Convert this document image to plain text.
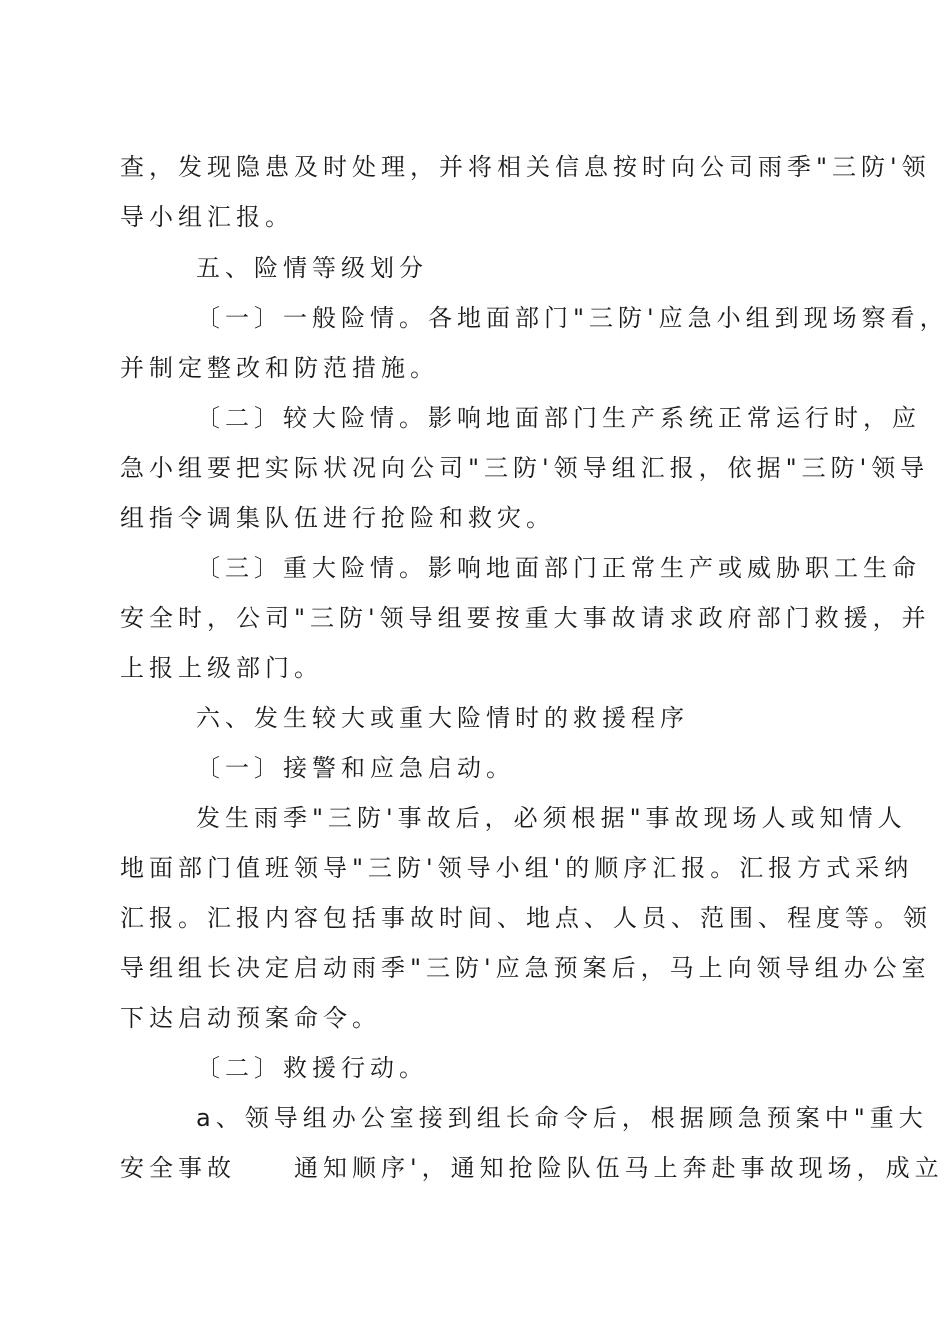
查，发现隐患及时处理，并将相关信息按时向公司雨季"三防'领
导小组汇报。
五、险情等级划分
〔一〕一般险情。各地面部门"三防'应急小组到现场察看，
并制定整改和防范措施。
〔二〕较大险情。影响地面部门生产系统正常运行时，应
急小组要把实际状况向公司"三防'领导组汇报，依据"三防'领导
组指令调集队伍进行抢险和救灾。
〔三〕重大险情。影响地面部门正常生产或威胁职工生命
安全时，公司"三防'领导组要按重大事故请求政府部门救援，并
上报上级部门。
六、发生较大或重大险情时的救援程序
〔一〕接警和应急启动。
发生雨季"三防'事故后，必须根据"事故现场人或知情人
地面部门值班领导"三防'领导小组'的顺序汇报。汇报方式采纳
汇报。汇报内容包括事故时间、地点、人员、范围、程度等。领
导组组长决定启动雨季"三防'应急预案后，马上向领导组办公室
下达启动预案命令。
〔二〕救援行动。
a、领导组办公室接到组长命令后，根据顾急预案中"重大
安全事故　　通知顺序'，通知抢险队伍马上奔赴事故现场，成立
